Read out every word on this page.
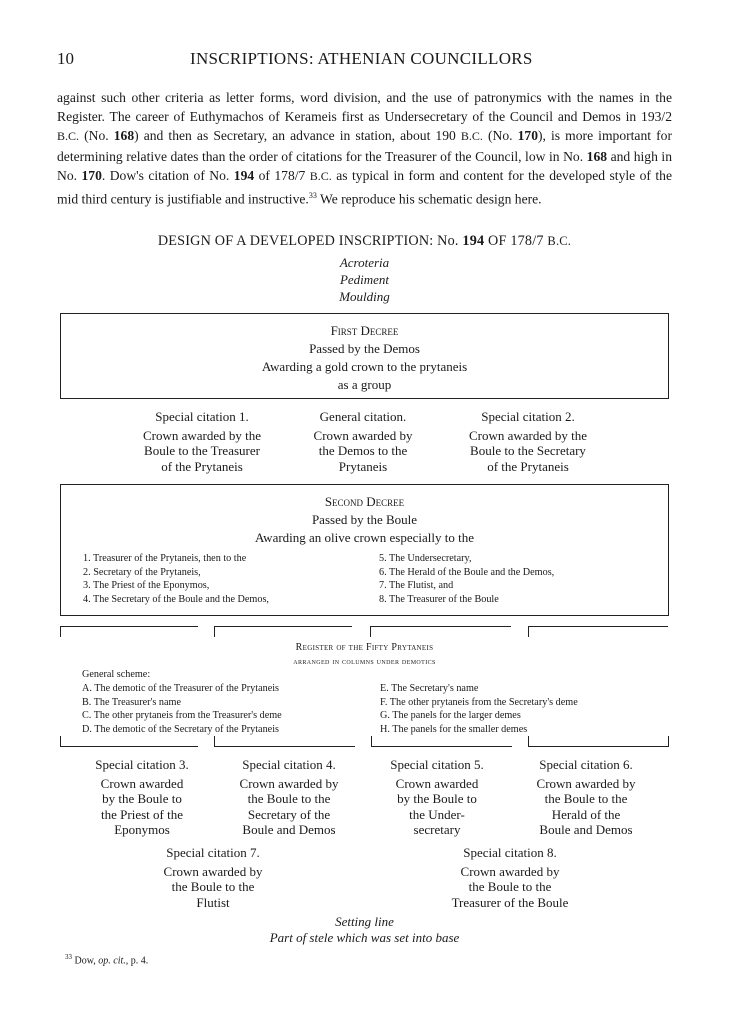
10	INSCRIPTIONS: ATHENIAN COUNCILLORS
against such other criteria as letter forms, word division, and the use of patronymics with the names in the Register. The career of Euthymachos of Kerameis first as Undersecretary of the Council and Demos in 193/2 B.C. (No. 168) and then as Secretary, an advance in station, about 190 B.C. (No. 170), is more important for determining relative dates than the order of citations for the Treasurer of the Council, low in No. 168 and high in No. 170. Dow's citation of No. 194 of 178/7 B.C. as typical in form and content for the developed style of the mid third century is justifiable and instructive.$^{33}$ We reproduce his schematic design here.
DESIGN OF A DEVELOPED INSCRIPTION: No. 194 OF 178/7 B.C.
Acroteria
Pediment
Moulding
First Decree
Passed by the Demos
Awarding a gold crown to the prytaneis
as a group
Special citation 1.
Crown awarded by the
Boule to the Treasurer
of the Prytaneis
General citation.
Crown awarded by
the Demos to the
Prytaneis
Special citation 2.
Crown awarded by the
Boule to the Secretary
of the Prytaneis
Second Decree
Passed by the Boule
Awarding an olive crown especially to the
1. Treasurer of the Prytaneis, then to the
2. Secretary of the Prytaneis,
3. The Priest of the Eponymos,
4. The Secretary of the Boule and the Demos,
5. The Undersecretary,
6. The Herald of the Boule and the Demos,
7. The Flutist, and
8. The Treasurer of the Boule
Register of the Fifty Prytaneis
arranged in columns under demotics
General scheme:
A. The demotic of the Treasurer of the Prytaneis
B. The Treasurer's name
C. The other prytaneis from the Treasurer's deme
D. The demotic of the Secretary of the Prytaneis
E. The Secretary's name
F. The other prytaneis from the Secretary's deme
G. The panels for the larger demes
H. The panels for the smaller demes
Special citation 3.
Crown awarded
by the Boule to
the Priest of the
Eponymos
Special citation 4.
Crown awarded by
the Boule to the
Secretary of the
Boule and Demos
Special citation 5.
Crown awarded
by the Boule to
the Under-
secretary
Special citation 6.
Crown awarded by
the Boule to the
Herald of the
Boule and Demos
Special citation 7.
Crown awarded by
the Boule to the
Flutist
Special citation 8.
Crown awarded by
the Boule to the
Treasurer of the Boule
Setting line
Part of stele which was set into base
$^{33}$ Dow, op. cit., p. 4.
